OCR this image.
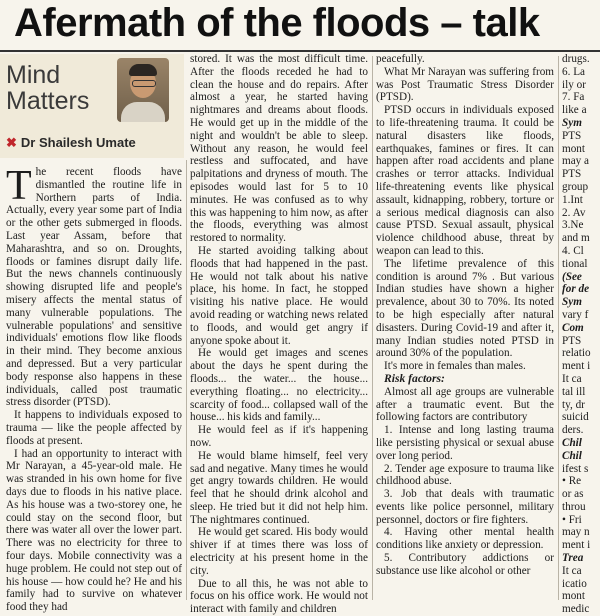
Afermath of the floods – talk
Mind Matters
✖ Dr Shailesh Umate

The recent floods have dismantled the routine life in Northern parts of India. Actually, every year some part of India or the other gets submerged in floods. Last year Assam, before that Maharashtra, and so on. Droughts, floods or famines disrupt daily life. But the news channels continuously showing disrupted life and people's misery affects the mental status of many vulnerable populations. The vulnerable populations' and sensitive individuals' emotions flow like floods in their mind. They become anxious and depressed. But a very particular body response also happens in these individuals, called post traumatic stress disorder (PTSD).

It happens to individuals exposed to trauma — like the people affected by floods at present.

I had an opportunity to interact with Mr Narayan, a 45-year-old male. He was stranded in his own home for five days due to floods in his native place. As his house was a two-storey one, he could stay on the second floor, but there was water all over the lower part. There was no electricity for three to four days. Mobile connectivity was a huge problem. He could not step out of his house — how could he? He and his family had to survive on whatever food they had

stored. It was the most difficult time. After the floods receded he had to clean the house and do repairs. After almost a year, he started having nightmares and dreams about floods. He would get up in the middle of the night and wouldn't be able to sleep. Without any reason, he would feel restless and suffocated, and have palpitations and dryness of mouth. The episodes would last for 5 to 10 minutes. He was confused as to why this was happening to him now, as after the floods, everything was almost restored to normality.

He started avoiding talking about floods that had happened in the past. He would not talk about his native place, his home. In fact, he stopped visiting his native place. He would avoid reading or watching news related to floods, and would get angry if anyone spoke about it.

He would get images and scenes about the days he spent during the floods... the water... the house... everything floating... no electricity... scarcity of food... collapsed wall of the house... his kids and family...

He would feel as if it's happening now.

He would blame himself, feel very sad and negative. Many times he would get angry towards children. He would feel that he should drink alcohol and sleep. He tried but it did not help him. The nightmares continued.

He would get scared. His body would shiver if at times there was loss of electricity at his present home in the city.

Due to all this, he was not able to focus on his office work. He would not interact with family and children

peacefully.

What Mr Narayan was suffering from was Post Traumatic Stress Disorder (PTSD).

PTSD occurs in individuals exposed to life-threatening trauma. It could be natural disasters like floods, earthquakes, famines or fires. It can happen after road accidents and plane crashes or terror attacks. Individual life-threatening events like physical assault, kidnapping, robbery, torture or a serious medical diagnosis can also cause PTSD. Sexual assault, physical violence childhood abuse, threat by weapon can lead to this.

The lifetime prevalence of this condition is around 7% . But various Indian studies have shown a higher prevalence, about 30 to 70%. Its noted to be high especially after natural disasters. During Covid-19 and after it, many Indian studies noted PTSD in around 30% of the population.

It's more in females than males.

Risk factors:

Almost all age groups are vulnerable after a traumatic event. But the following factors are contributory

1. Intense and long lasting trauma like persisting physical or sexual abuse over long period.

2. Tender age exposure to trauma like childhood abuse.

3. Job that deals with traumatic events like police personnel, military personnel, doctors or fire fighters.

4. Having other mental health conditions like anxiety or depression.

5. Contributory addictions or substance use like alcohol or other

drugs.

6. La

ily or

7. Fa

like a

Sym

PTS

mont

may a

PTS

group

1.Int

2. Av

3.Ne

and m

4. Cl

tional

(See

for de

Sym

vary f

Com

PTS

relatio

ment i

It ca

tal ill

ty, dr

suicid

ders.

Chil

Chil

ifest s

• Re

or as

throu

• Fri

may n

ment i

Trea

It ca

icatio

mont

medic
